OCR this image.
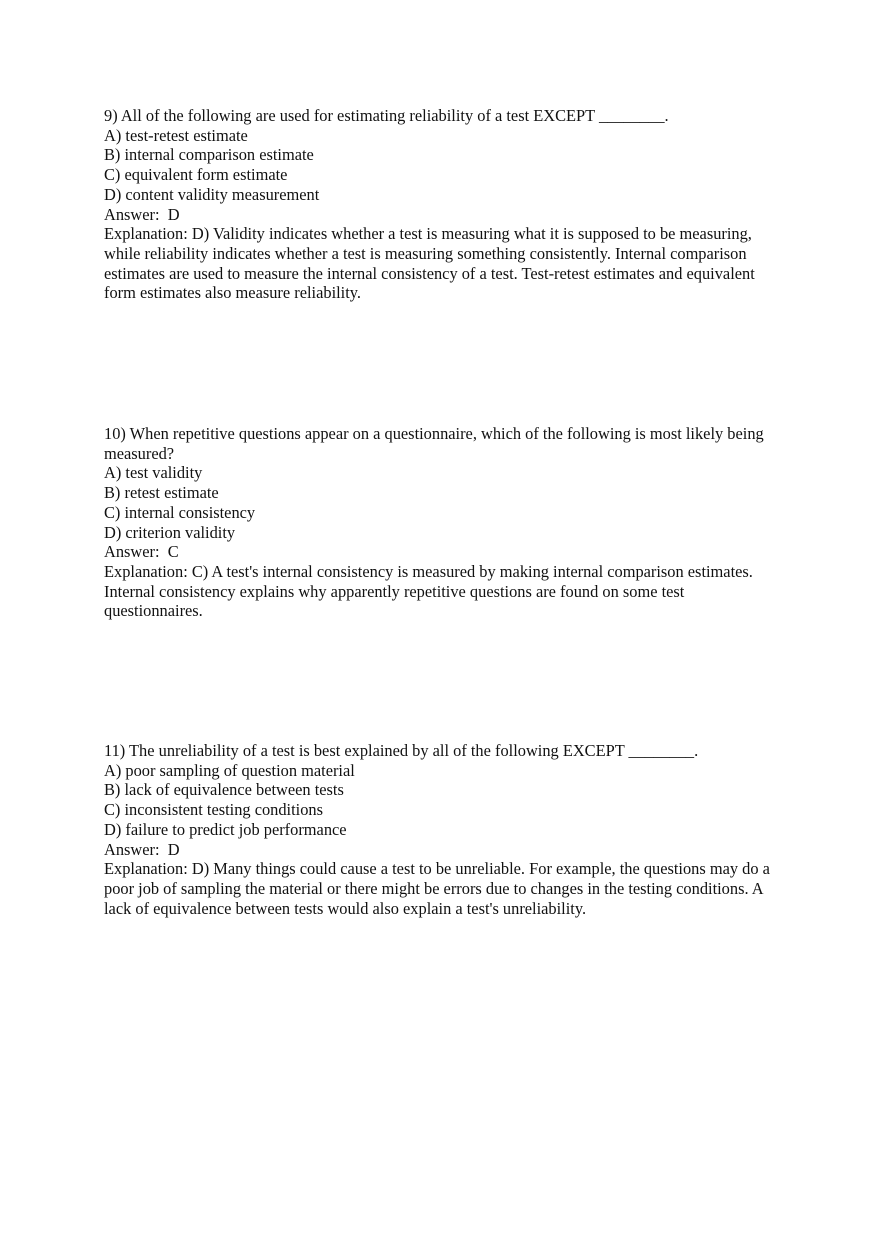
9) All of the following are used for estimating reliability of a test EXCEPT ________.
A) test-retest estimate
B) internal comparison estimate
C) equivalent form estimate
D) content validity measurement
Answer:  D
Explanation: D) Validity indicates whether a test is measuring what it is supposed to be measuring, while reliability indicates whether a test is measuring something consistently. Internal comparison estimates are used to measure the internal consistency of a test. Test-retest estimates and equivalent form estimates also measure reliability.
10) When repetitive questions appear on a questionnaire, which of the following is most likely being measured?
A) test validity
B) retest estimate
C) internal consistency
D) criterion validity
Answer:  C
Explanation: C) A test's internal consistency is measured by making internal comparison estimates. Internal consistency explains why apparently repetitive questions are found on some test questionnaires.
11) The unreliability of a test is best explained by all of the following EXCEPT ________.
A) poor sampling of question material
B) lack of equivalence between tests
C) inconsistent testing conditions
D) failure to predict job performance
Answer:  D
Explanation: D) Many things could cause a test to be unreliable. For example, the questions may do a poor job of sampling the material or there might be errors due to changes in the testing conditions. A lack of equivalence between tests would also explain a test's unreliability.
